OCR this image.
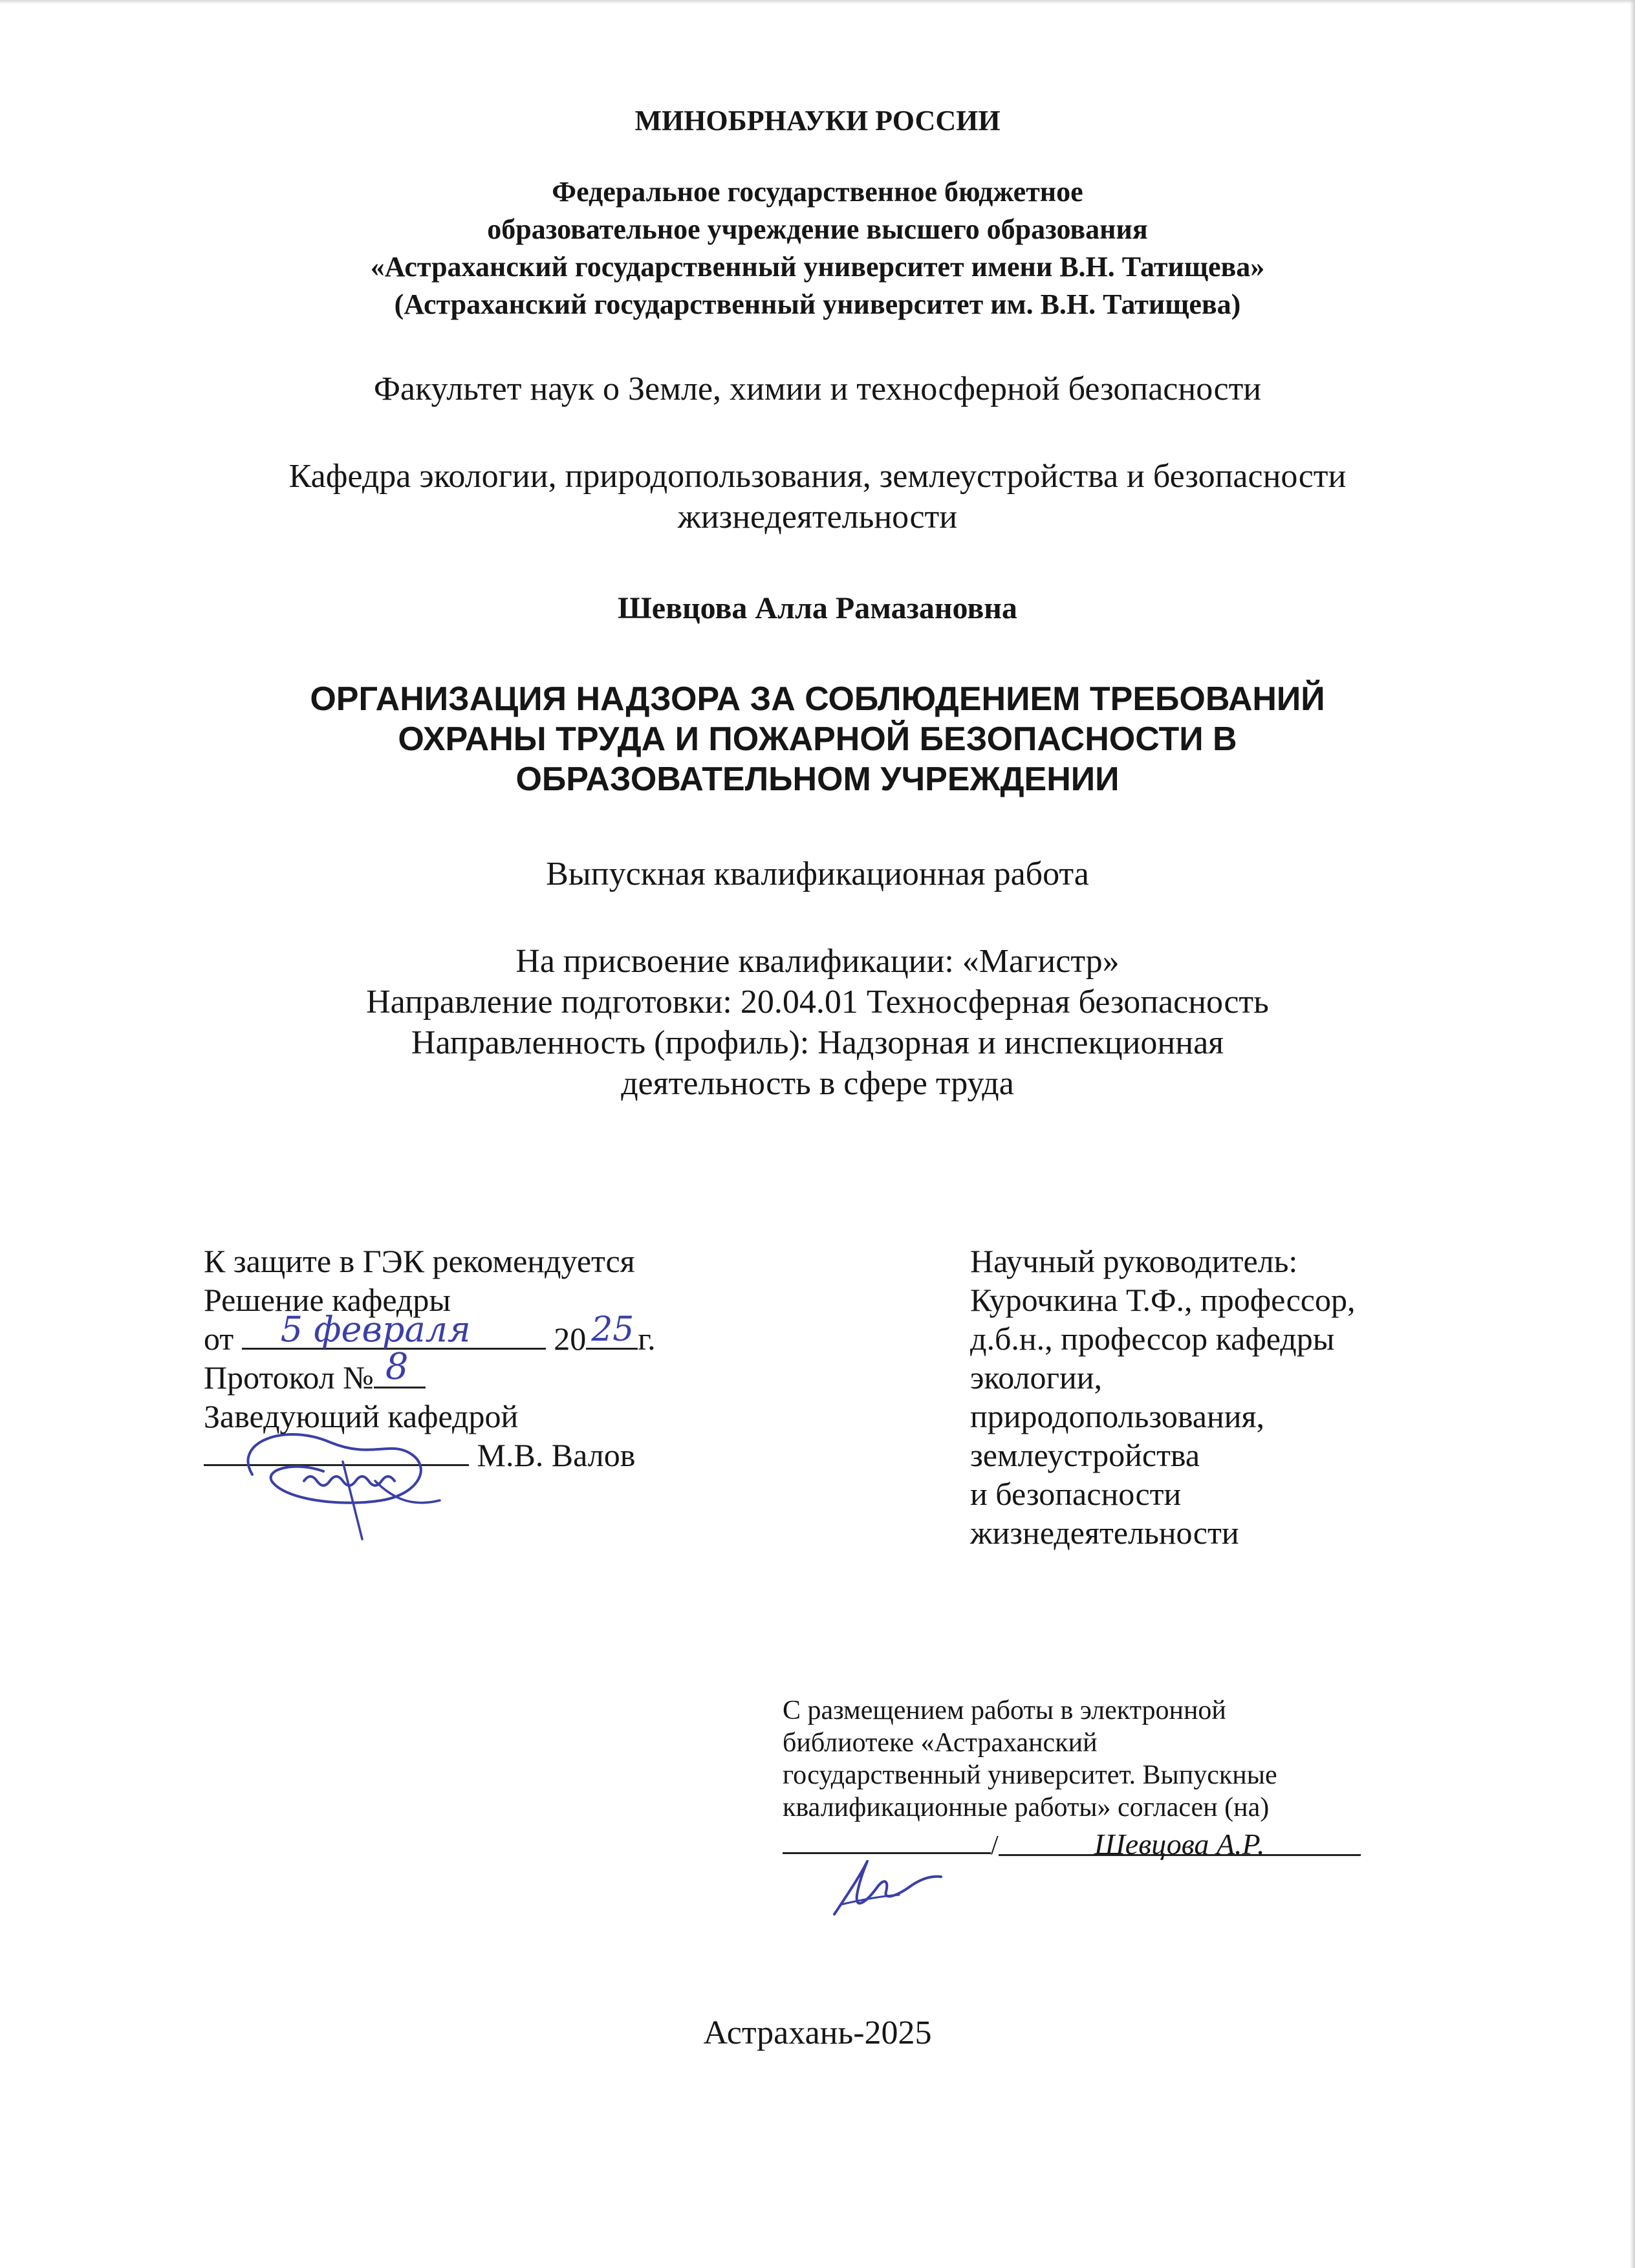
МИНОБРНАУКИ РОССИИ
Федеральное государственное бюджетное
образовательное учреждение высшего образования
«Астраханский государственный университет имени В.Н. Татищева»
(Астраханский государственный университет им. В.Н. Татищева)
Факультет наук о Земле, химии и техносферной безопасности
Кафедра экологии, природопользования, землеустройства и безопасности
жизнедеятельности
Шевцова Алла Рамазановна
ОРГАНИЗАЦИЯ НАДЗОРА ЗА СОБЛЮДЕНИЕМ ТРЕБОВАНИЙ
ОХРАНЫ ТРУДА И ПОЖАРНОЙ БЕЗОПАСНОСТИ В
ОБРАЗОВАТЕЛЬНОМ УЧРЕЖДЕНИИ
Выпускная квалификационная работа
На присвоение квалификации: «Магистр»
Направление подготовки: 20.04.01 Техносферная безопасность
Направленность (профиль): Надзорная и инспекционная
деятельность в сфере труда
К защите в ГЭК рекомендуется
Решение кафедры
от 5 февраля	20 25 г.
Протокол № 8
Заведующий кафедрой
М.В. Валов
Научный руководитель:
Курочкина Т.Ф., профессор,
д.б.н., профессор кафедры
экологии,
природопользования,
землеустройства
и безопасности
жизнедеятельности
С размещением работы в электронной
библиотеке «Астраханский
государственный университет. Выпускные
квалификационные работы» согласен (на)
/	Шевцова А.Р.
Астрахань-2025
